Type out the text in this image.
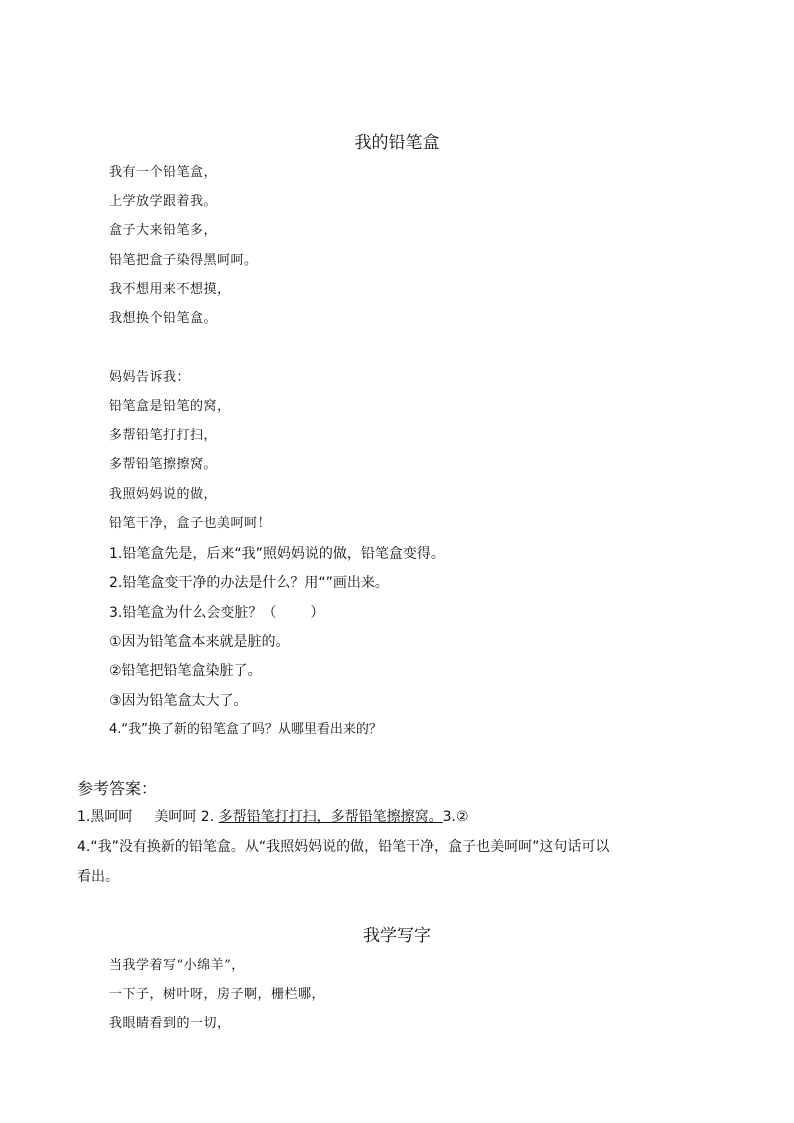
我的铅笔盒
我有一个铅笔盒，
上学放学跟着我。
盒子大来铅笔多，
铅笔把盒子染得黑呵呵。
我不想用来不想摸，
我想换个铅笔盒。
妈妈告诉我：
铅笔盒是铅笔的窝，
多帮铅笔打打扫，
多帮铅笔擦擦窝。
我照妈妈说的做，
铅笔干净，盒子也美呵呵！
1.铅笔盒先是，后来“我”照妈妈说的做，铅笔盒变得。
2.铅笔盒变干净的办法是什么？用“”画出来。
3.铅笔盒为什么会变脏？（ ）
①因为铅笔盒本来就是脏的。
②铅笔把铅笔盒染脏了。
③因为铅笔盒太大了。
4.“我”换了新的铅笔盒了吗？从哪里看出来的？
参考答案：
1.黑呵呵 美呵呵 2. 多帮铅笔打打扫，多帮铅笔擦擦窝。3.②
4.“我”没有换新的铅笔盒。从“我照妈妈说的做，铅笔干净，盒子也美呵呵”这句话可以
看出。
我学写字
当我学着写“小绵羊”，
一下子，树叶呀，房子啊，栅栏哪，
我眼睛看到的一切，
